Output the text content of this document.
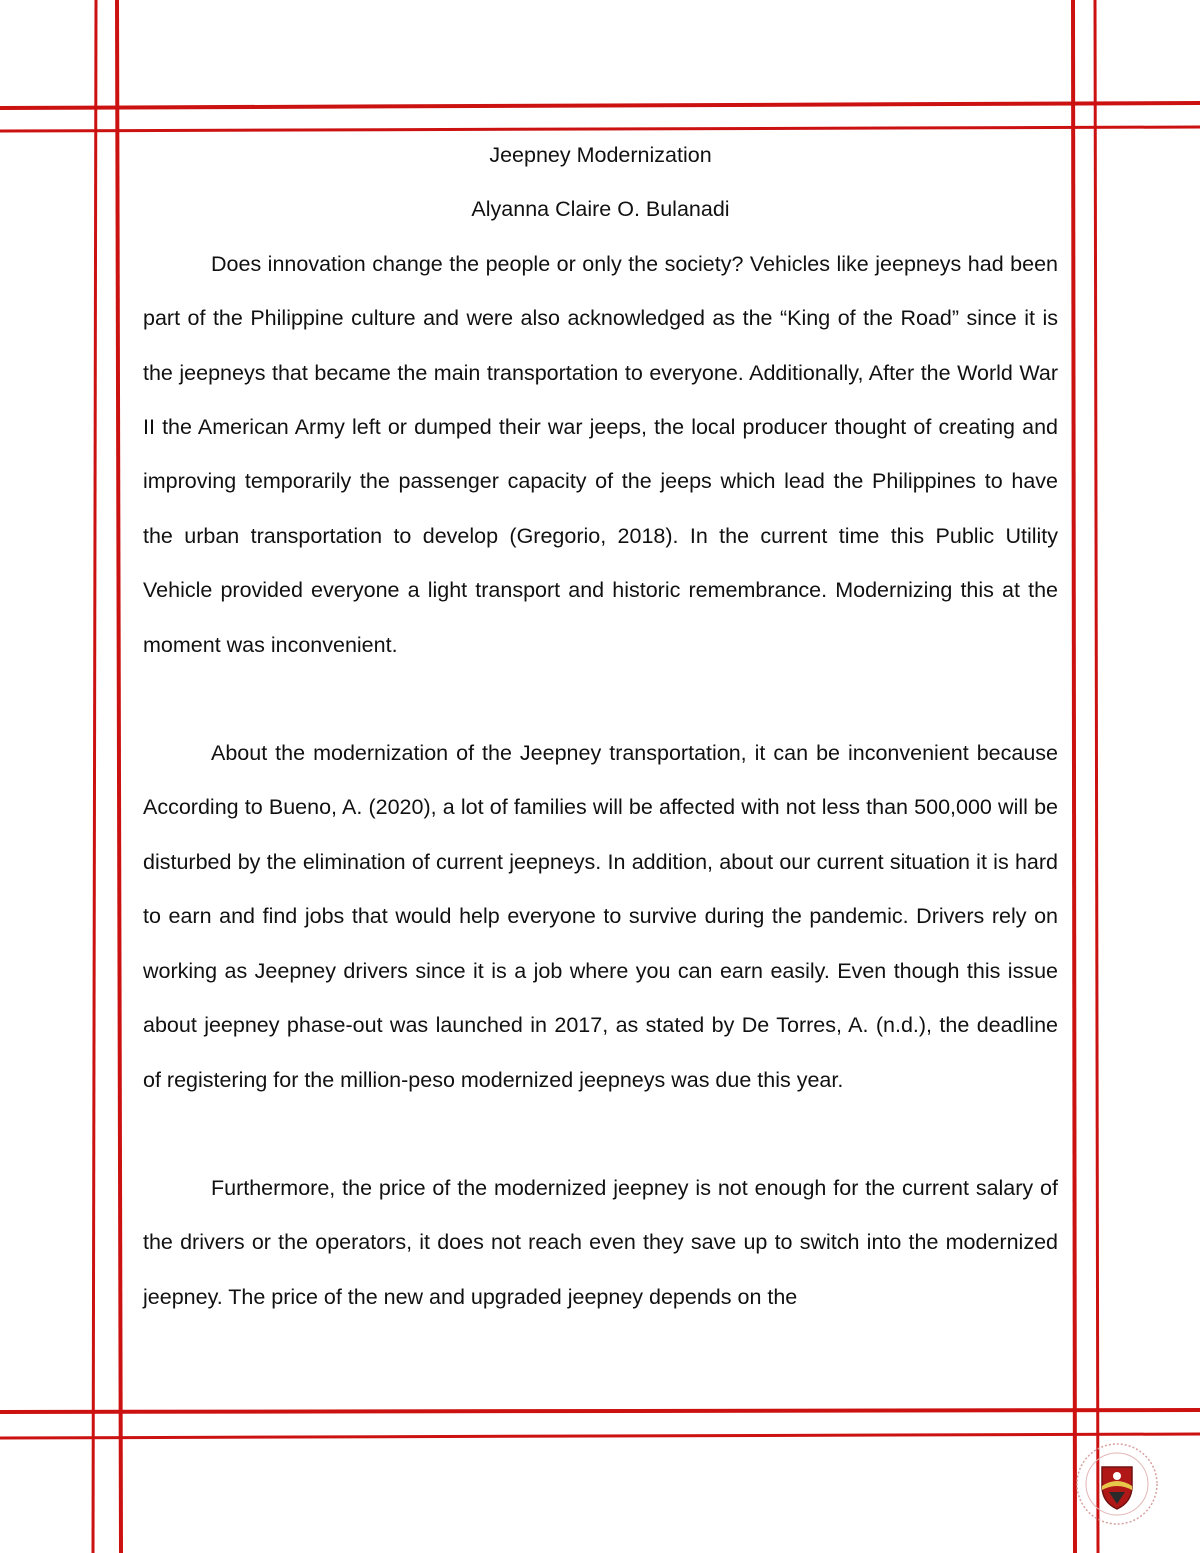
Jeepney Modernization

Alyanna Claire O. Bulanadi

Does innovation change the people or only the society? Vehicles like jeepneys had been part of the Philippine culture and were also acknowledged as the “King of the Road” since it is the jeepneys that became the main transportation to everyone. Additionally, After the World War II the American Army left or dumped their war jeeps, the local producer thought of creating and improving temporarily the passenger capacity of the jeeps which lead the Philippines to have the urban transportation to develop (Gregorio, 2018). In the current time this Public Utility Vehicle provided everyone a light transport and historic remembrance. Modernizing this at the moment was inconvenient.

About the modernization of the Jeepney transportation, it can be inconvenient because According to Bueno, A. (2020), a lot of families will be affected with not less than 500,000 will be disturbed by the elimination of current jeepneys. In addition, about our current situation it is hard to earn and find jobs that would help everyone to survive during the pandemic. Drivers rely on working as Jeepney drivers since it is a job where you can earn easily. Even though this issue about jeepney phase-out was launched in 2017, as stated by De Torres, A. (n.d.), the deadline of registering for the million-peso modernized jeepneys was due this year.

Furthermore, the price of the modernized jeepney is not enough for the current salary of the drivers or the operators, it does not reach even they save up to switch into the modernized jeepney. The price of the new and upgraded jeepney depends on the
